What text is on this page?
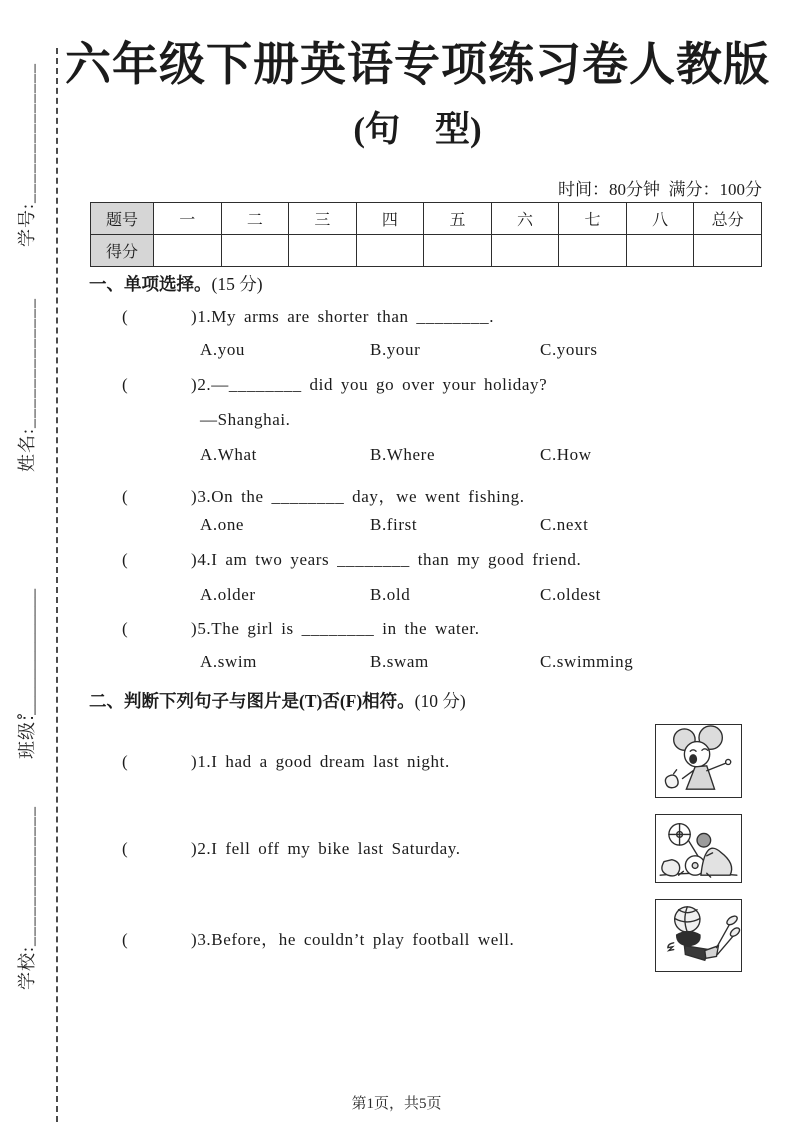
学号:______________
姓名:_____________
班级:ْ______________
学校:______________
六年级下册英语专项练习卷人教版
(句　型)
时间：80分钟  满分：100分
题号	一	二	三	四	五	六	七	八	总分
得分									
一、单项选择。(15 分)
(        )1.My arms are shorter than ________.
A.you	B.your	C.yours
(        )2.—________ did you go over your holiday?
—Shanghai.
A.What	B.Where	C.How
(        )3.On the ________ day，we went fishing.
A.one	B.first	C.next
(        )4.I am two years ________ than my good friend.
A.older	B.old	C.oldest
(        )5.The girl is ________ in the water.
A.swim	B.swam	C.swimming
二、判断下列句子与图片是(T)否(F)相符。(10 分)
(        )1.I had a good dream last night.
(        )2.I fell off my bike last Saturday.
(        )3.Before，he couldn’t play football well.
第1页，共5页
